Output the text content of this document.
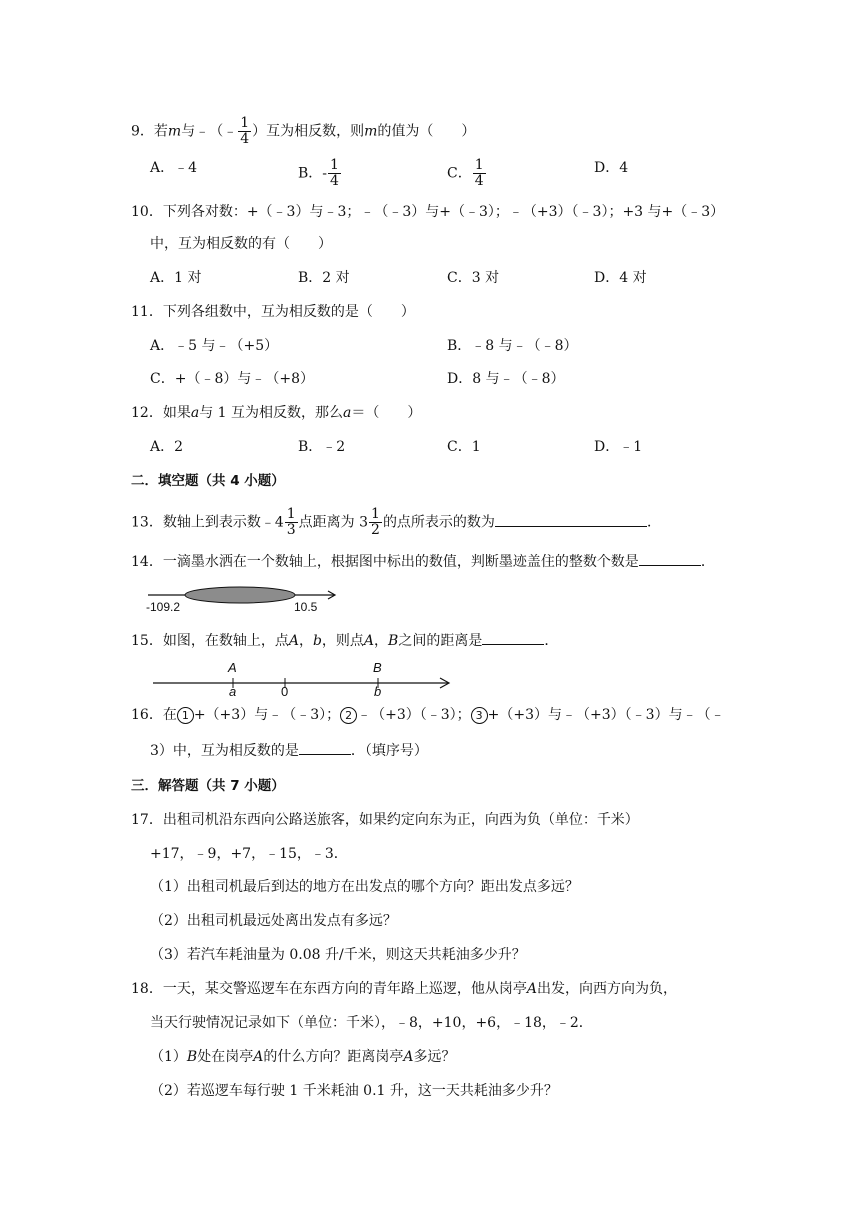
9．若m与﹣（﹣ $\frac{1}{4}$ ）互为相反数，则m的值为（　　）
A．﹣4	B．- $\frac{1}{4}$	C． $\frac{1}{4}$	D．4
10．下列各对数：+（﹣3）与﹣3；﹣（﹣3）与+（﹣3）；﹣（+3）（﹣3）；+3 与+（﹣3）
中，互为相反数的有（　　）
A．1 对	B．2 对	C．3 对	D．4 对
11．下列各组数中，互为相反数的是（　　）
A．﹣5 与﹣（+5）	B．﹣8 与﹣（﹣8）
C．+（﹣8）与﹣（+8）	D．8 与﹣（﹣8）
12．如果a与 1 互为相反数，那么a＝（　　）
A．2	B．﹣2	C．1	D．﹣1
二．填空题（共 4 小题）
13．数轴上到表示数﹣4 $\frac{1}{3}$ 点距离为 $3 \frac{1}{2}$ 的点所表示的数为	．
14．一滴墨水洒在一个数轴上，根据图中标出的数值，判断墨迹盖住的整数个数是	．
-109.2	10.5
15．如图，在数轴上，点A，b，则点A，B之间的距离是	．
A
a	0
B
b
16．在 1 +（+3）与﹣（﹣3）； 2 ﹣（+3）（﹣3）； 3 +（+3）与﹣（+3）（﹣3）与﹣（﹣
3）中，互为相反数的是	．（填序号）
三．解答题（共 7 小题）
17．出租司机沿东西向公路送旅客，如果约定向东为正，向西为负（单位：千米）
+17，﹣9，+7，﹣15，﹣3．
（1）出租司机最后到达的地方在出发点的哪个方向？距出发点多远？
（2）出租司机最远处离出发点有多远？
（3）若汽车耗油量为 0.08 升/千米，则这天共耗油多少升？
18．一天，某交警巡逻车在东西方向的青年路上巡逻，他从岗亭A出发，向西方向为负，
当天行驶情况记录如下（单位：千米），﹣8，+10，+6，﹣18，﹣2．
（1）B处在岗亭A的什么方向？距离岗亭A多远？
（2）若巡逻车每行驶 1 千米耗油 0.1 升，这一天共耗油多少升？
